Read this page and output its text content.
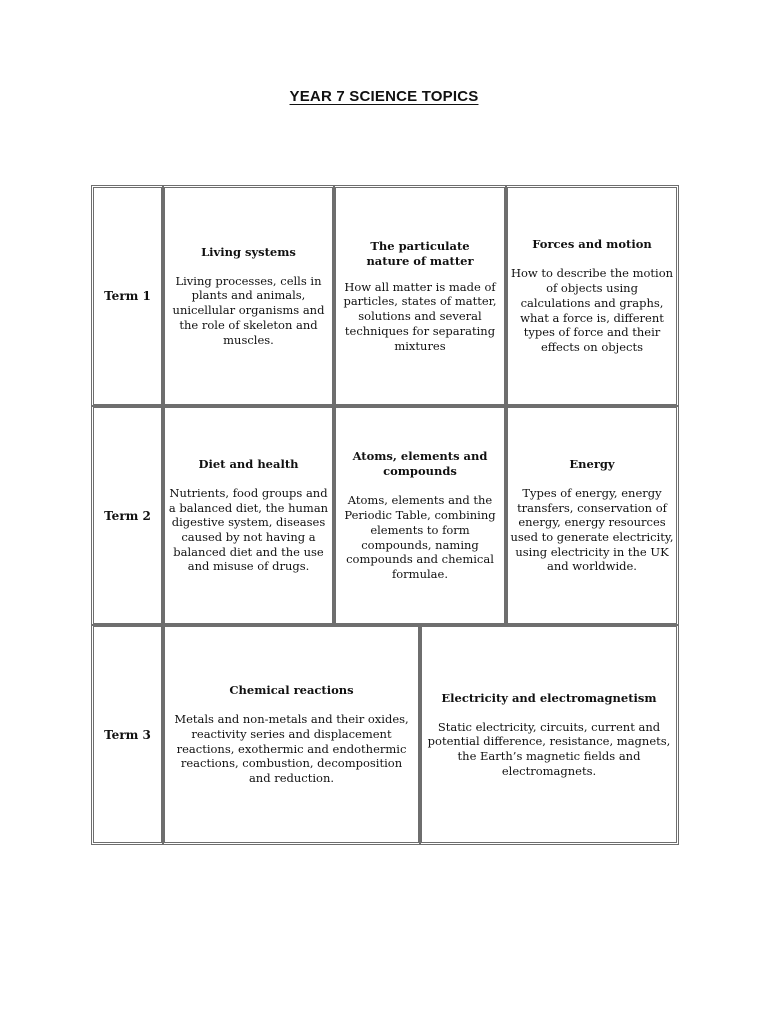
YEAR 7 SCIENCE TOPICS
Term 1

Living systems

Living processes, cells in plants and animals, unicellular organisms and the role of skeleton and muscles.

The particulate nature of matter

How all matter is made of particles, states of matter, solutions and several techniques for separating mixtures

Forces and motion

How to describe the motion of objects using calculations and graphs, what a force is, different types of force and their effects on objects

Term 2

Diet and health

Nutrients, food groups and a balanced diet, the human digestive system, diseases caused by not having a balanced diet and the use and misuse of drugs.

Atoms, elements and compounds

Atoms, elements and the Periodic Table, combining elements to form compounds, naming compounds and chemical formulae.

Energy

Types of energy, energy transfers, conservation of energy, energy resources used to generate electricity, using electricity in the UK and worldwide.

Term 3

Chemical reactions

Metals and non-metals and their oxides, reactivity series and displacement reactions, exothermic and endothermic reactions, combustion, decomposition and reduction.

Electricity and electromagnetism

Static electricity, circuits, current and potential difference, resistance, magnets, the Earth’s magnetic fields and electromagnets.
